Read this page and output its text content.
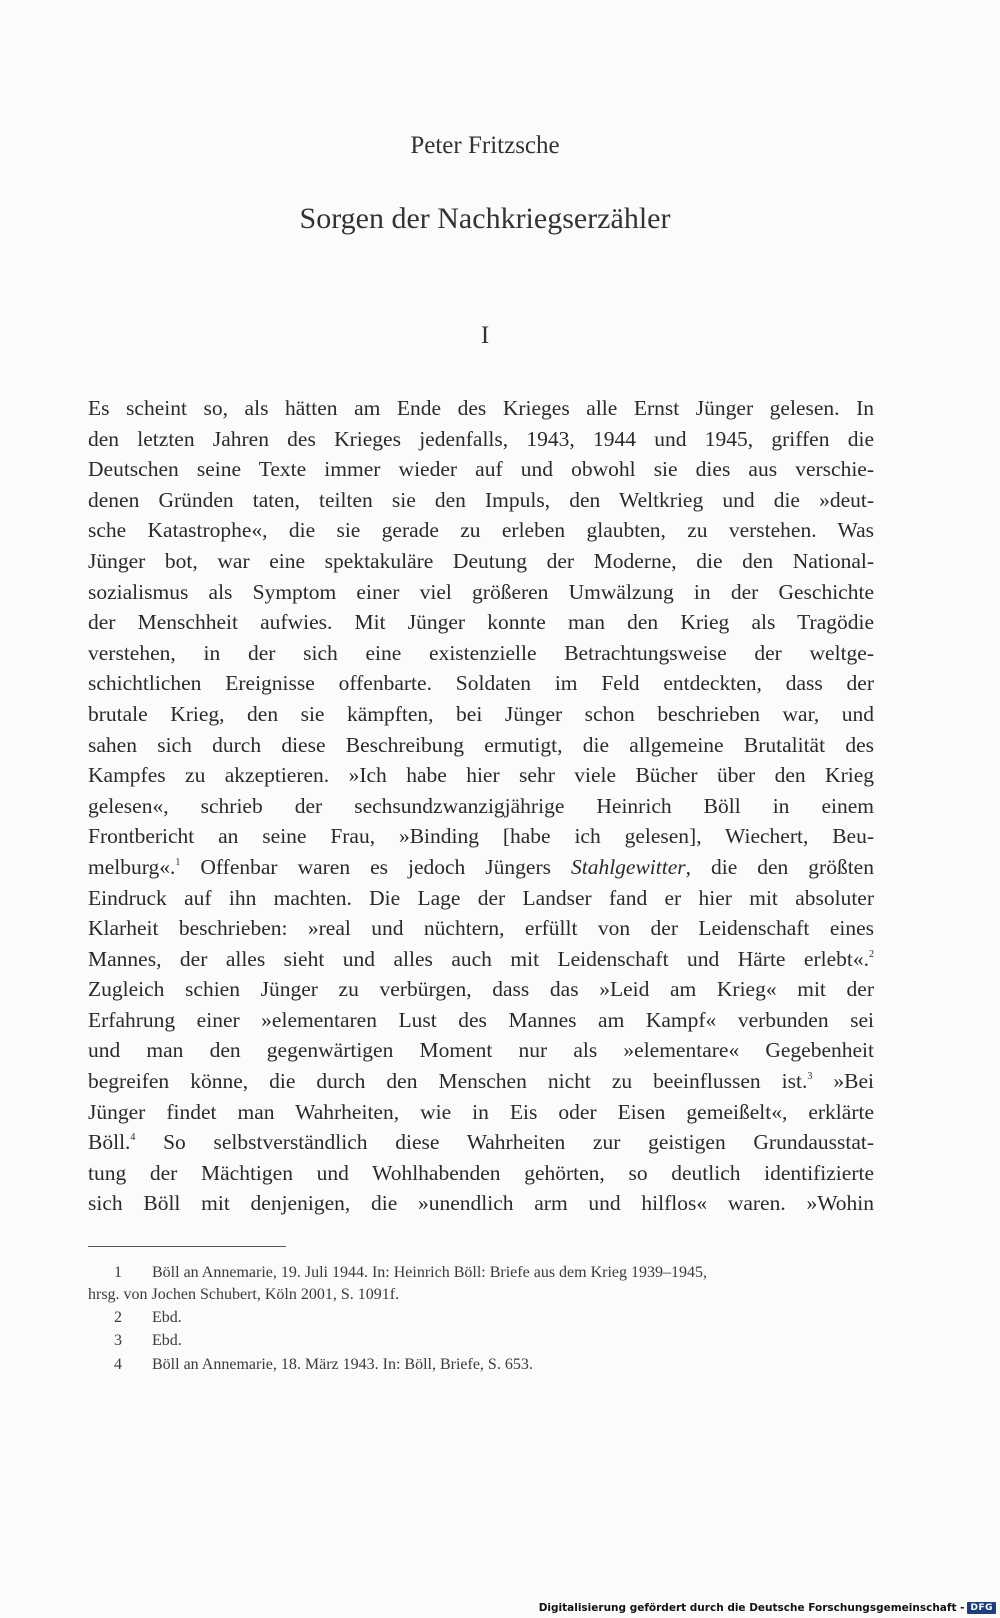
Peter Fritzsche
Sorgen der Nachkriegserzähler
I
Es scheint so, als hätten am Ende des Krieges alle Ernst Jünger gelesen. In
den letzten Jahren des Krieges jedenfalls, 1943, 1944 und 1945, griffen die
Deutschen seine Texte immer wieder auf und obwohl sie dies aus verschie-
denen Gründen taten, teilten sie den Impuls, den Weltkrieg und die »deut-
sche Katastrophe«, die sie gerade zu erleben glaubten, zu verstehen. Was
Jünger bot, war eine spektakuläre Deutung der Moderne, die den National-
sozialismus als Symptom einer viel größeren Umwälzung in der Geschichte
der Menschheit aufwies. Mit Jünger konnte man den Krieg als Tragödie
verstehen, in der sich eine existenzielle Betrachtungsweise der weltge-
schichtlichen Ereignisse offenbarte. Soldaten im Feld entdeckten, dass der
brutale Krieg, den sie kämpften, bei Jünger schon beschrieben war, und
sahen sich durch diese Beschreibung ermutigt, die allgemeine Brutalität des
Kampfes zu akzeptieren. »Ich habe hier sehr viele Bücher über den Krieg
gelesen«, schrieb der sechsundzwanzigjährige Heinrich Böll in einem
Frontbericht an seine Frau, »Binding [habe ich gelesen], Wiechert, Beu-
melburg«.$^1$ Offenbar waren es jedoch Jüngers Stahlgewitter, die den größten
Eindruck auf ihn machten. Die Lage der Landser fand er hier mit absoluter
Klarheit beschrieben: »real und nüchtern, erfüllt von der Leidenschaft eines
Mannes, der alles sieht und alles auch mit Leidenschaft und Härte erlebt«.$^2$
Zugleich schien Jünger zu verbürgen, dass das »Leid am Krieg« mit der
Erfahrung einer »elementaren Lust des Mannes am Kampf« verbunden sei
und man den gegenwärtigen Moment nur als »elementare« Gegebenheit
begreifen könne, die durch den Menschen nicht zu beeinflussen ist.$^3$ »Bei
Jünger findet man Wahrheiten, wie in Eis oder Eisen gemeißelt«, erklärte
Böll.$^4$ So selbstverständlich diese Wahrheiten zur geistigen Grundausstat-
tung der Mächtigen und Wohlhabenden gehörten, so deutlich identifizierte
sich Böll mit denjenigen, die »unendlich arm und hilflos« waren. »Wohin
1 Böll an Annemarie, 19. Juli 1944. In: Heinrich Böll: Briefe aus dem Krieg 1939–1945,
hrsg. von Jochen Schubert, Köln 2001, S. 1091f.
2 Ebd.
3 Ebd.
4 Böll an Annemarie, 18. März 1943. In: Böll, Briefe, S. 653.
Digitalisierung gefördert durch die Deutsche Forschungsgemeinschaft - DFG
